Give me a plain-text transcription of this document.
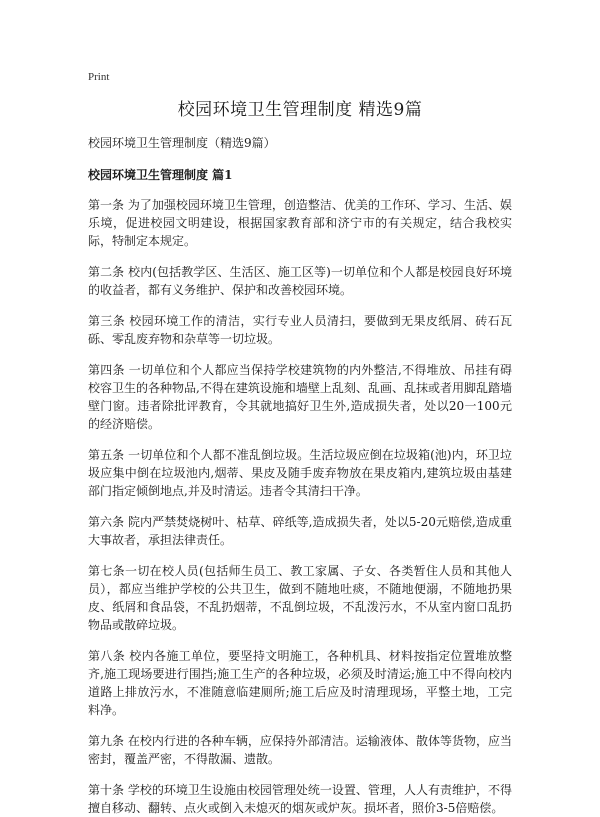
Print
校园环境卫生管理制度 精选9篇

校园环境卫生管理制度（精选9篇）

校园环境卫生管理制度 篇1

第一条 为了加强校园环境卫生管理，创造整洁、优美的工作环、学习、生活、娱乐境，促进校园文明建设，根据国家教育部和济宁市的有关规定，结合我校实际，特制定本规定。

第二条 校内(包括教学区、生活区、施工区等)一切单位和个人都是校园良好环境的收益者，都有义务维护、保护和改善校园环境。

第三条 校园环境工作的清洁，实行专业人员清扫，要做到无果皮纸屑、砖石瓦砾、零乱废弃物和杂草等一切垃圾。

第四条 一切单位和个人都应当保持学校建筑物的内外整洁,不得堆放、吊挂有碍校容卫生的各种物品,不得在建筑设施和墙壁上乱刻、乱画、乱抹或者用脚乱踏墙壁门窗。违者除批评教育，令其就地搞好卫生外,造成损失者，处以20一100元的经济赔偿。

第五条 一切单位和个人都不准乱倒垃圾。生活垃圾应倒在垃圾箱(池)内，环卫垃圾应集中倒在垃圾池内,烟蒂、果皮及随手废弃物放在果皮箱内,建筑垃圾由基建部门指定倾倒地点,并及时清运。违者令其清扫干净。

第六条 院内严禁焚烧树叶、枯草、碎纸等,造成损失者，处以5-20元赔偿,造成重大事故者，承担法律责任。

第七条一切在校人员(包括师生员工、教工家属、子女、各类暂住人员和其他人员），都应当维护学校的公共卫生，做到不随地吐痰，不随地便溺，不随地扔果皮、纸屑和食品袋，不乱扔烟蒂，不乱倒垃圾，不乱泼污水，不从室内窗口乱扔物品或散碎垃圾。

第八条 校内各施工单位，要坚持文明施工，各种机具、材料按指定位置堆放整齐,施工现场要进行围挡;施工生产的各种垃圾，必须及时清运;施工中不得向校内道路上排放污水，不准随意临建厕所;施工后应及时清理现场，平整土地，工完料净。

第九条 在校内行进的各种车辆，应保持外部清洁。运输液体、散体等货物，应当密封，覆盖严密，不得散漏、遗散。

第十条 学校的环境卫生设施由校园管理处统一设置、管理，人人有责维护，不得擅自移动、翻转、点火或倒入未熄灭的烟灰或炉灰。损坏者，照价3-5倍赔偿。
